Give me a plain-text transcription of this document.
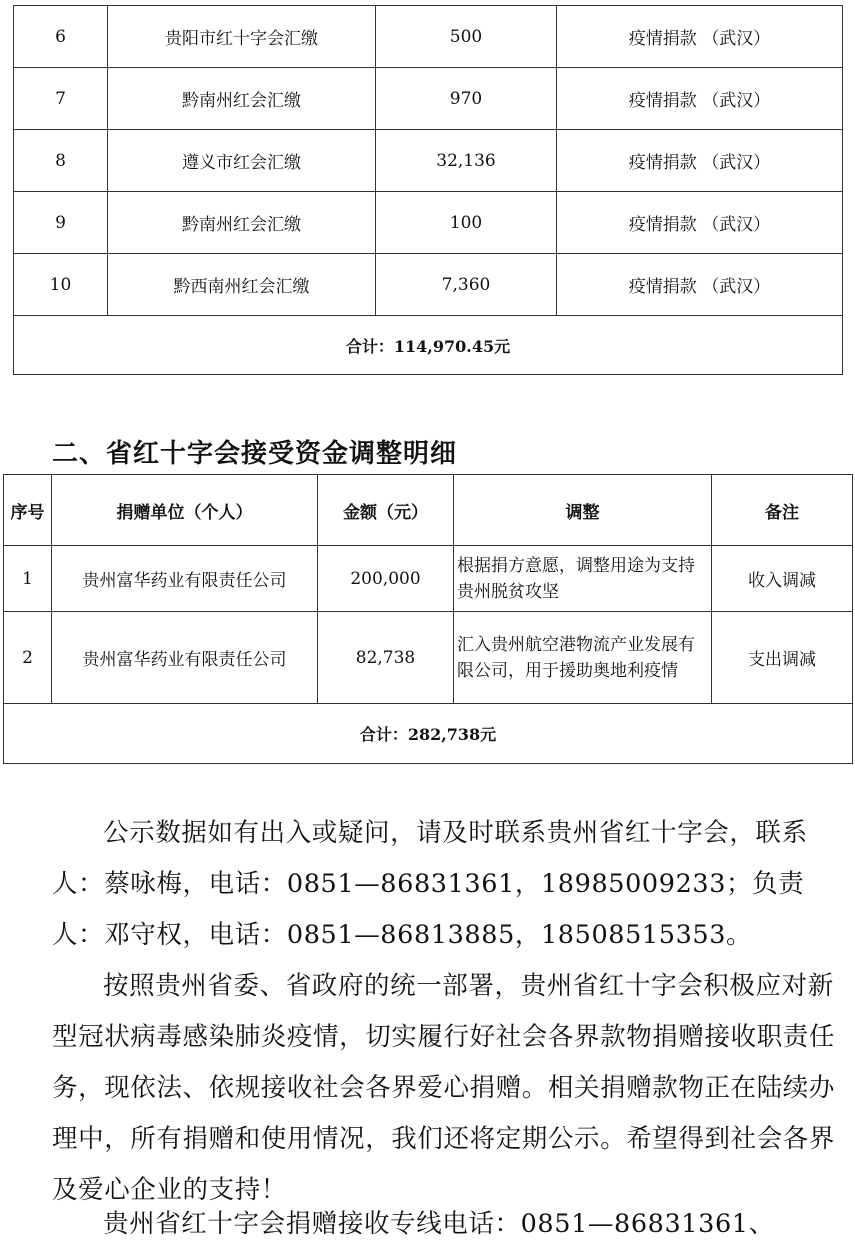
6	贵阳市红十字会汇缴	500	疫情捐款 （武汉）
7	黔南州红会汇缴	970	疫情捐款 （武汉）
8	遵义市红会汇缴	32,136	疫情捐款 （武汉）
9	黔南州红会汇缴	100	疫情捐款 （武汉）
10	黔西南州红会汇缴	7,360	疫情捐款 （武汉）
合计：114,970.45元			
二、省红十字会接受资金调整明细
序号	捐赠单位（个人）	金额（元）	调整	备注
1	贵州富华药业有限责任公司	200,000	根据捐方意愿，调整用途为支持贵州脱贫攻坚	收入调减
2	贵州富华药业有限责任公司	82,738	汇入贵州航空港物流产业发展有限公司，用于援助奥地利疫情	支出调减
合计：282,738元				

公示数据如有出入或疑问，请及时联系贵州省红十字会，联系人：蔡咏梅，电话：0851—86831361，18985009233；负责人：邓守权，电话：0851—86813885，18508515353。

按照贵州省委、省政府的统一部署，贵州省红十字会积极应对新型冠状病毒感染肺炎疫情，切实履行好社会各界款物捐赠接收职责任务，现依法、依规接收社会各界爱心捐赠。相关捐赠款物正在陆续办理中，所有捐赠和使用情况，我们还将定期公示。希望得到社会各界及爱心企业的支持！

贵州省红十字会捐赠接收专线电话：0851—86831361、
